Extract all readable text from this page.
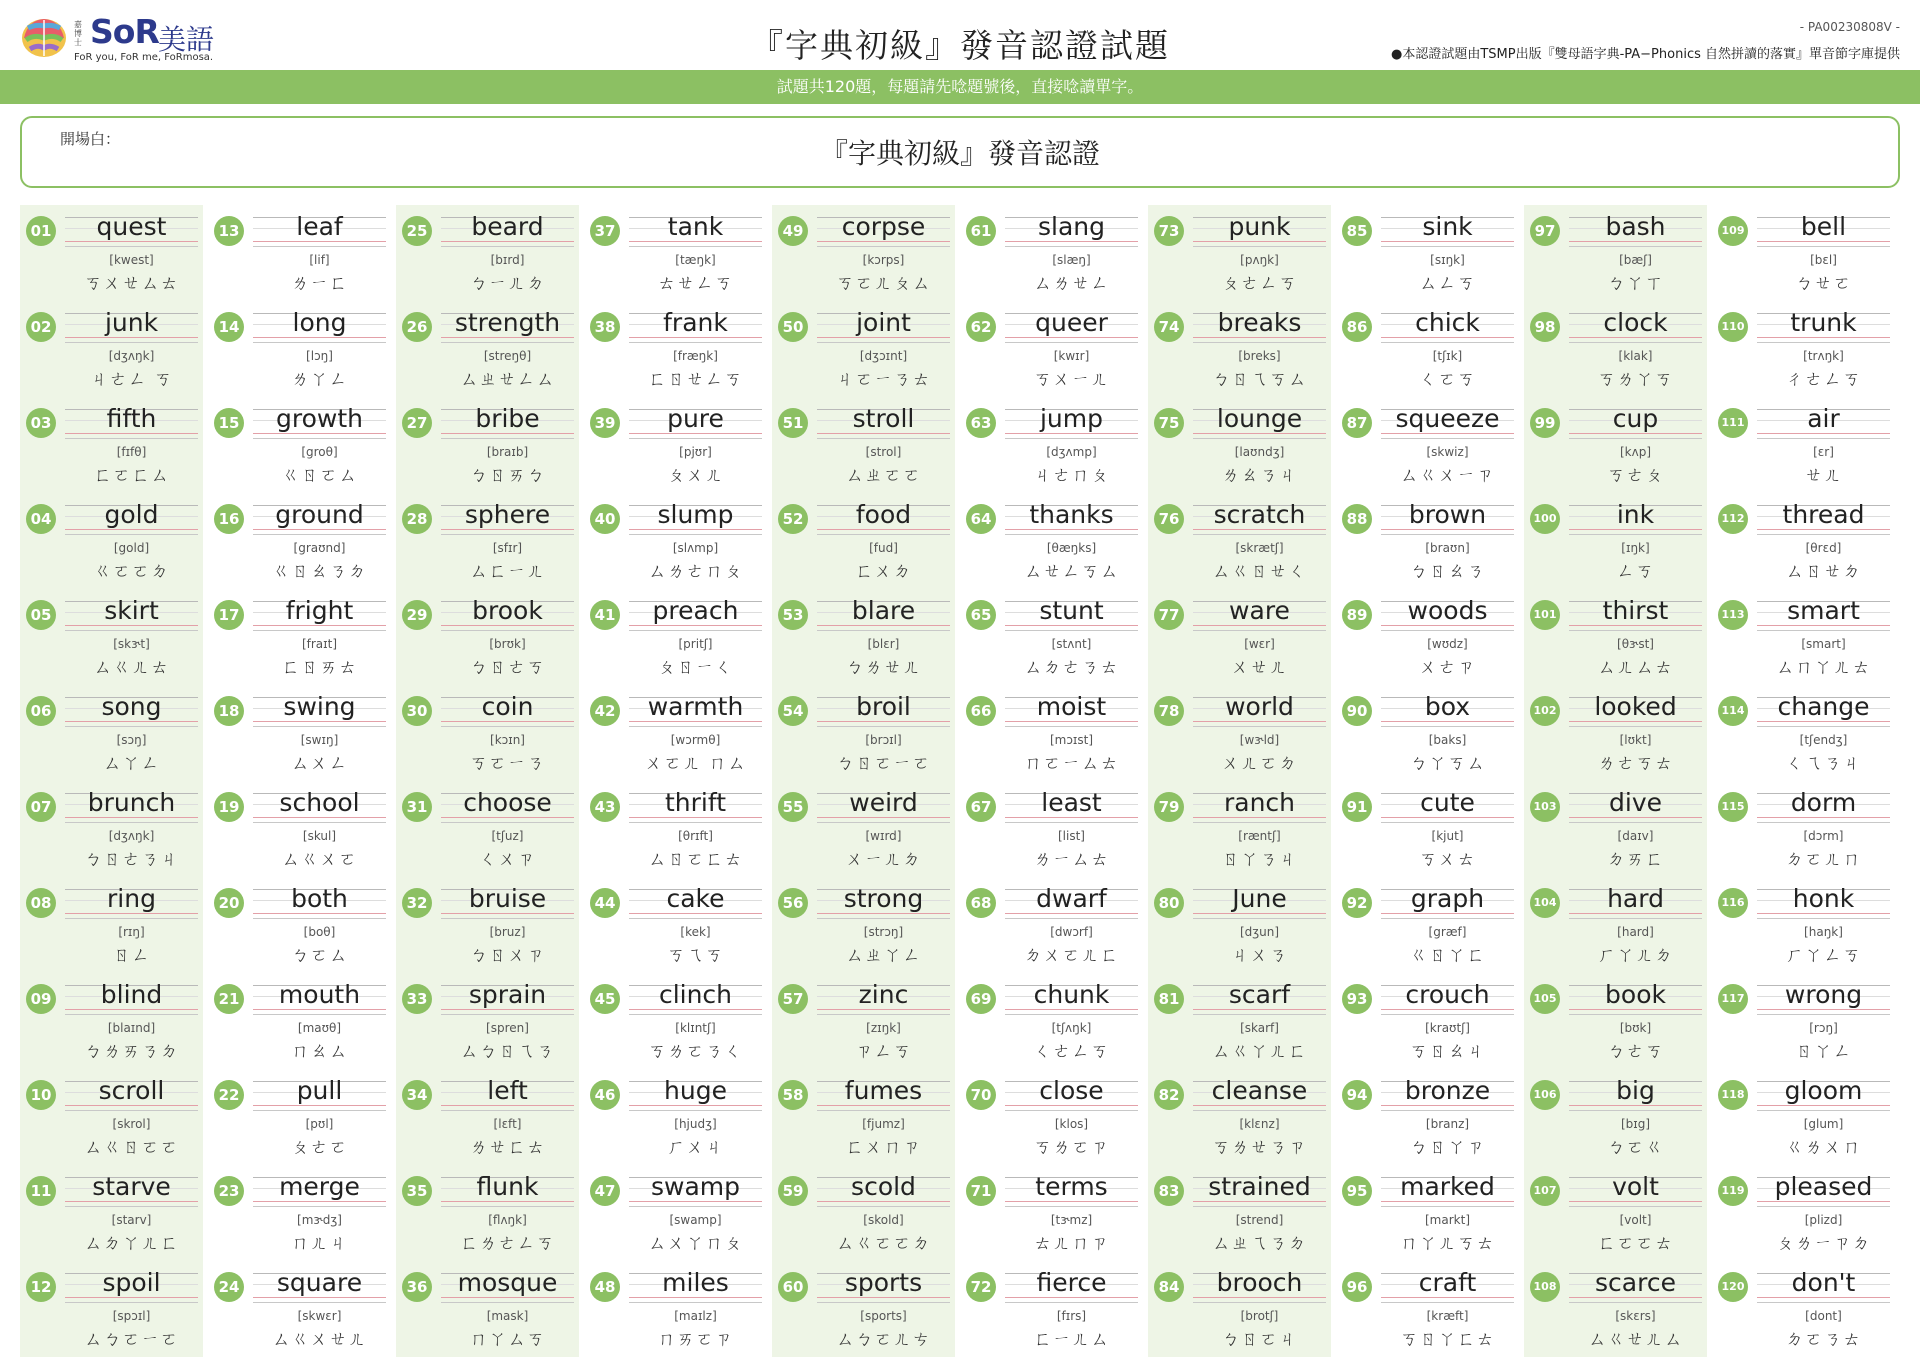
嘉博士 SoR 美語
FoR you, FoR me, FoRmosa.	『字典初級』發音認證試題	- PA00230808V -
●本認證試題由TSMP出版『雙母語字典-PA−Phonics 自然拼讀的落實』單音節字庫提供
試題共120題，每題請先唸題號後，直接唸讀單字。
開場白：	『字典初級』發音認證
01	quest
[kwest]
ㄎㄨㄝㄙㄊ
02	junk
[dʒʌŋk]
ㄐㄜㄥ ㄎ
03	fifth
[fɪfθ]
ㄈㄛㄈㄙ
04	gold
[gold]
ㄍㄛㄛㄉ
05	skirt
[skɝt]
ㄙㄍㄦㄊ
06	song
[sɔŋ]
ㄙㄚㄥ
07	brunch
[dʒʌŋk]
ㄅㄖㄜㄋㄐ
08	ring
[rɪŋ]
ㄖㄥ
09	blind
[blaɪnd]
ㄅㄌㄞㄋㄉ
10	scroll
[skrol]
ㄙㄍㄖㄛㄛ
11	starve
[starv]
ㄙㄉㄚㄦㄈ
12	spoil
[spɔɪl]
ㄙㄅㄛㄧㄛ
13	leaf
[lif]
ㄌㄧㄈ
14	long
[lɔŋ]
ㄌㄚㄥ
15	growth
[groθ]
ㄍㄖㄛㄙ
16	ground
[graʊnd]
ㄍㄖㄠㄋㄉ
17	fright
[fraɪt]
ㄈㄖㄞㄊ
18	swing
[swɪŋ]
ㄙㄨㄥ
19	school
[skul]
ㄙㄍㄨㄛ
20	both
[boθ]
ㄅㄛㄙ
21	mouth
[maʊθ]
ㄇㄠㄙ
22	pull
[pʊl]
ㄆㄜㄛ
23	merge
[mɝdʒ]
ㄇㄦㄐ
24	square
[skwɛr]
ㄙㄍㄨㄝㄦ
25	beard
[bɪrd]
ㄅㄧㄦㄉ
26	strength
[streŋθ]
ㄙㄓㄝㄥㄙ
27	bribe
[braɪb]
ㄅㄖㄞㄅ
28	sphere
[sfɪr]
ㄙㄈㄧㄦ
29	brook
[brʊk]
ㄅㄖㄜㄎ
30	coin
[kɔɪn]
ㄎㄛㄧㄋ
31	choose
[tʃuz]
ㄑㄨㄗ
32	bruise
[bruz]
ㄅㄖㄨㄗ
33	sprain
[spren]
ㄙㄅㄖㄟㄋ
34	left
[lɛft]
ㄌㄝㄈㄊ
35	flunk
[flʌŋk]
ㄈㄌㄜㄥㄎ
36	mosque
[mask]
ㄇㄚㄙㄎ
37	tank
[tæŋk]
ㄊㄝㄥㄎ
38	frank
[fræŋk]
ㄈㄖㄝㄥㄎ
39	pure
[pjʊr]
ㄆㄨㄦ
40	slump
[slʌmp]
ㄙㄌㄜㄇㄆ
41	preach
[pritʃ]
ㄆㄖㄧㄑ
42	warmth
[wɔrmθ]
ㄨㄛㄦ ㄇㄙ
43	thrift
[θrɪft]
ㄙㄖㄛㄈㄊ
44	cake
[kek]
ㄎㄟㄎ
45	clinch
[klɪntʃ]
ㄎㄌㄛㄋㄑ
46	huge
[hjudʒ]
ㄏㄨㄐ
47	swamp
[swamp]
ㄙㄨㄚㄇㄆ
48	miles
[maɪlz]
ㄇㄞㄛㄗ
49	corpse
[kɔrps]
ㄎㄛㄦㄆㄙ
50	joint
[dʒɔɪnt]
ㄐㄛㄧㄋㄊ
51	stroll
[strol]
ㄙㄓㄛㄛ
52	food
[fud]
ㄈㄨㄉ
53	blare
[blɛr]
ㄅㄌㄝㄦ
54	broil
[brɔɪl]
ㄅㄖㄛㄧㄛ
55	weird
[wɪrd]
ㄨㄧㄦㄉ
56	strong
[strɔŋ]
ㄙㄓㄚㄥ
57	zinc
[zɪŋk]
ㄗㄥㄎ
58	fumes
[fjumz]
ㄈㄨㄇㄗ
59	scold
[skold]
ㄙㄍㄛㄛㄉ
60	sports
[sports]
ㄙㄅㄛㄦㄘ
61	slang
[slæŋ]
ㄙㄌㄝㄥ
62	queer
[kwɪr]
ㄎㄨㄧㄦ
63	jump
[dʒʌmp]
ㄐㄜㄇㄆ
64	thanks
[θæŋks]
ㄙㄝㄥㄎㄙ
65	stunt
[stʌnt]
ㄙㄉㄜㄋㄊ
66	moist
[mɔɪst]
ㄇㄛㄧㄙㄊ
67	least
[list]
ㄌㄧㄙㄊ
68	dwarf
[dwɔrf]
ㄉㄨㄛㄦㄈ
69	chunk
[tʃʌŋk]
ㄑㄜㄥㄎ
70	close
[klos]
ㄎㄌㄛㄗ
71	terms
[tɝmz]
ㄊㄦㄇㄗ
72	fierce
[fɪrs]
ㄈㄧㄦㄙ
73	punk
[pʌŋk]
ㄆㄜㄥㄎ
74	breaks
[breks]
ㄅㄖㄟㄎㄙ
75	lounge
[laʊndʒ]
ㄌㄠㄋㄐ
76	scratch
[skrætʃ]
ㄙㄍㄖㄝㄑ
77	ware
[wɛr]
ㄨㄝㄦ
78	world
[wɝld]
ㄨㄦㄛㄉ
79	ranch
[ræntʃ]
ㄖㄚㄋㄐ
80	June
[dʒun]
ㄐㄨㄋ
81	scarf
[skarf]
ㄙㄍㄚㄦㄈ
82	cleanse
[klɛnz]
ㄎㄌㄝㄋㄗ
83	strained
[strend]
ㄙㄓㄟㄋㄉ
84	brooch
[brotʃ]
ㄅㄖㄛㄐ
85	sink
[sɪŋk]
ㄙㄥㄎ
86	chick
[tʃɪk]
ㄑㄛㄎ
87	squeeze
[skwiz]
ㄙㄍㄨㄧㄗ
88	brown
[braʊn]
ㄅㄖㄠㄋ
89	woods
[wʊdz]
ㄨㄜㄗ
90	box
[baks]
ㄅㄚㄎㄙ
91	cute
[kjut]
ㄎㄨㄊ
92	graph
[græf]
ㄍㄖㄚㄈ
93	crouch
[kraʊtʃ]
ㄎㄖㄠㄐ
94	bronze
[branz]
ㄅㄖㄚㄗ
95	marked
[markt]
ㄇㄚㄦㄎㄊ
96	craft
[kræft]
ㄎㄖㄚㄈㄊ
97	bash
[bæʃ]
ㄅㄚㄒ
98	clock
[klak]
ㄎㄌㄚㄎ
99	cup
[kʌp]
ㄎㄜㄆ
100	ink
[ɪŋk]
ㄥㄎ
101	thirst
[θɝst]
ㄙㄦㄙㄊ
102	looked
[lʊkt]
ㄌㄜㄎㄊ
103	dive
[daɪv]
ㄉㄞㄈ
104	hard
[hard]
ㄏㄚㄦㄉ
105	book
[bʊk]
ㄅㄜㄎ
106	big
[bɪg]
ㄅㄛㄍ
107	volt
[volt]
ㄈㄛㄛㄊ
108	scarce
[skɛrs]
ㄙㄍㄝㄦㄙ
109	bell
[bɛl]
ㄅㄝㄛ
110	trunk
[trʌŋk]
ㄔㄜㄥㄎ
111	air
[ɛr]
ㄝㄦ
112	thread
[θrɛd]
ㄙㄖㄝㄉ
113	smart
[smart]
ㄙㄇㄚㄦㄊ
114	change
[tʃendʒ]
ㄑㄟㄋㄐ
115	dorm
[dɔrm]
ㄉㄛㄦㄇ
116	honk
[haŋk]
ㄏㄚㄥㄎ
117	wrong
[rɔŋ]
ㄖㄚㄥ
118	gloom
[glum]
ㄍㄌㄨㄇ
119	pleased
[plizd]
ㄆㄌㄧㄗㄉ
120	don't
[dont]
ㄉㄛㄋㄊ
